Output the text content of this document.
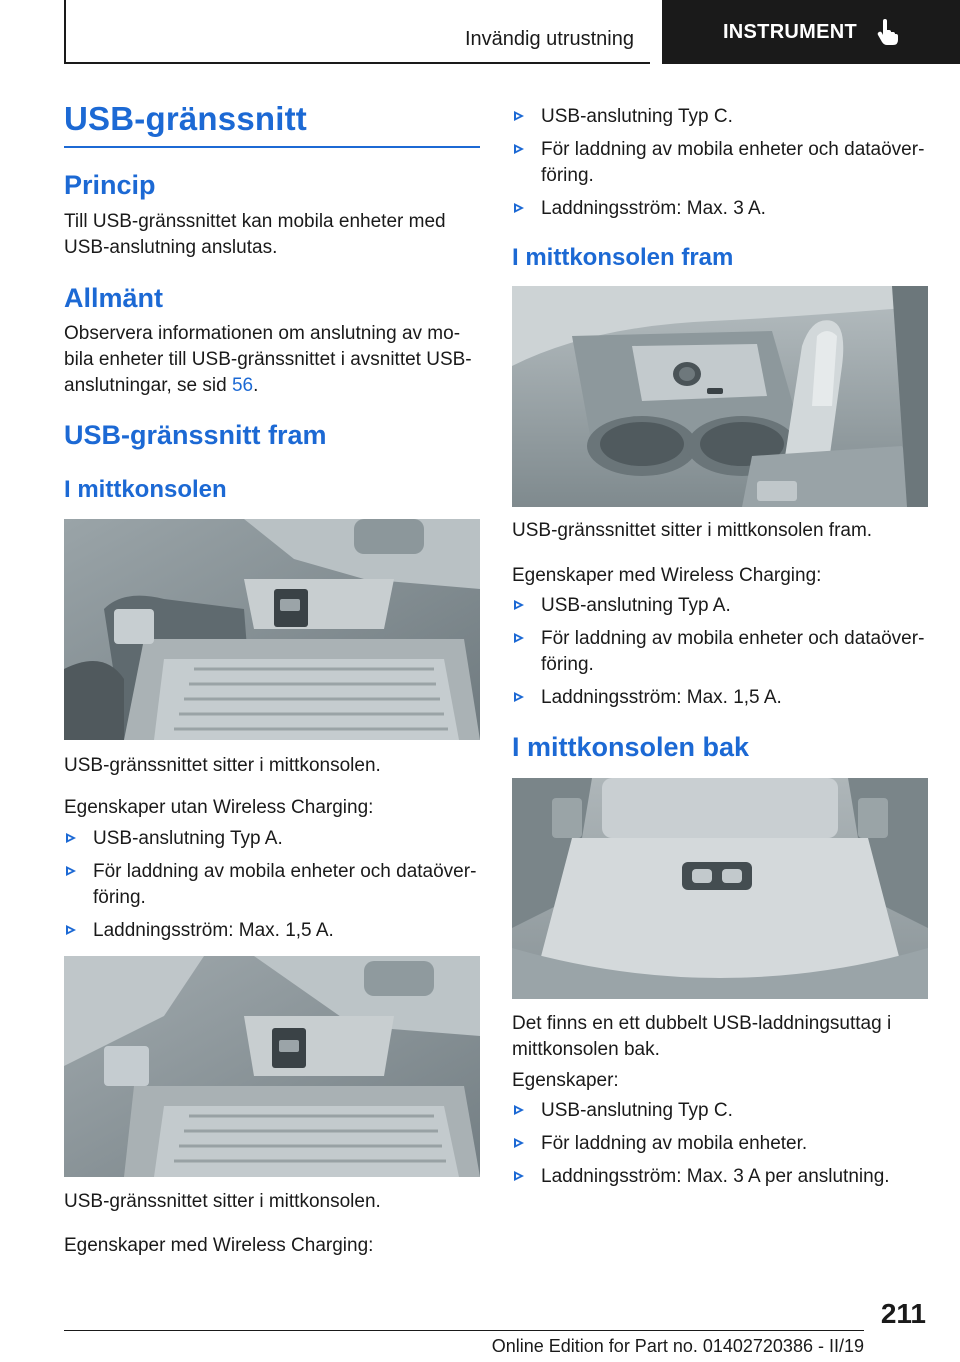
Invändig utrustning	INSTRUMENT
USB-gränssnitt
Princip

Till USB-gränssnittet kan mobila enheter med USB-anslutning anslutas.

Allmänt

Observera informationen om anslutning av mo‐bila enheter till USB-gränssnittet i avsnittet USB-anslutningar, se sid 56.

USB-gränssnitt fram
I mittkonsolen

USB-gränssnittet sitter i mittkonsolen.

Egenskaper utan Wireless Charging:

USB-anslutning Typ A.
För laddning av mobila enheter och dataöver‐föring.
Laddningsström: Max. 1,5 A.

USB-gränssnittet sitter i mittkonsolen.

Egenskaper med Wireless Charging:

USB-anslutning Typ C.
För laddning av mobila enheter och dataöver‐föring.
Laddningsström: Max. 3 A.
I mittkonsolen fram

USB-gränssnittet sitter i mittkonsolen fram.

Egenskaper med Wireless Charging:

USB-anslutning Typ A.
För laddning av mobila enheter och dataöver‐föring.
Laddningsström: Max. 1,5 A.
I mittkonsolen bak

Det finns en ett dubbelt USB-laddningsuttag i mittkonsolen bak.

Egenskaper:

USB-anslutning Typ C.
För laddning av mobila enheter.
Laddningsström: Max. 3 A per anslutning.
211
Online Edition for Part no. 01402720386 - II/19
